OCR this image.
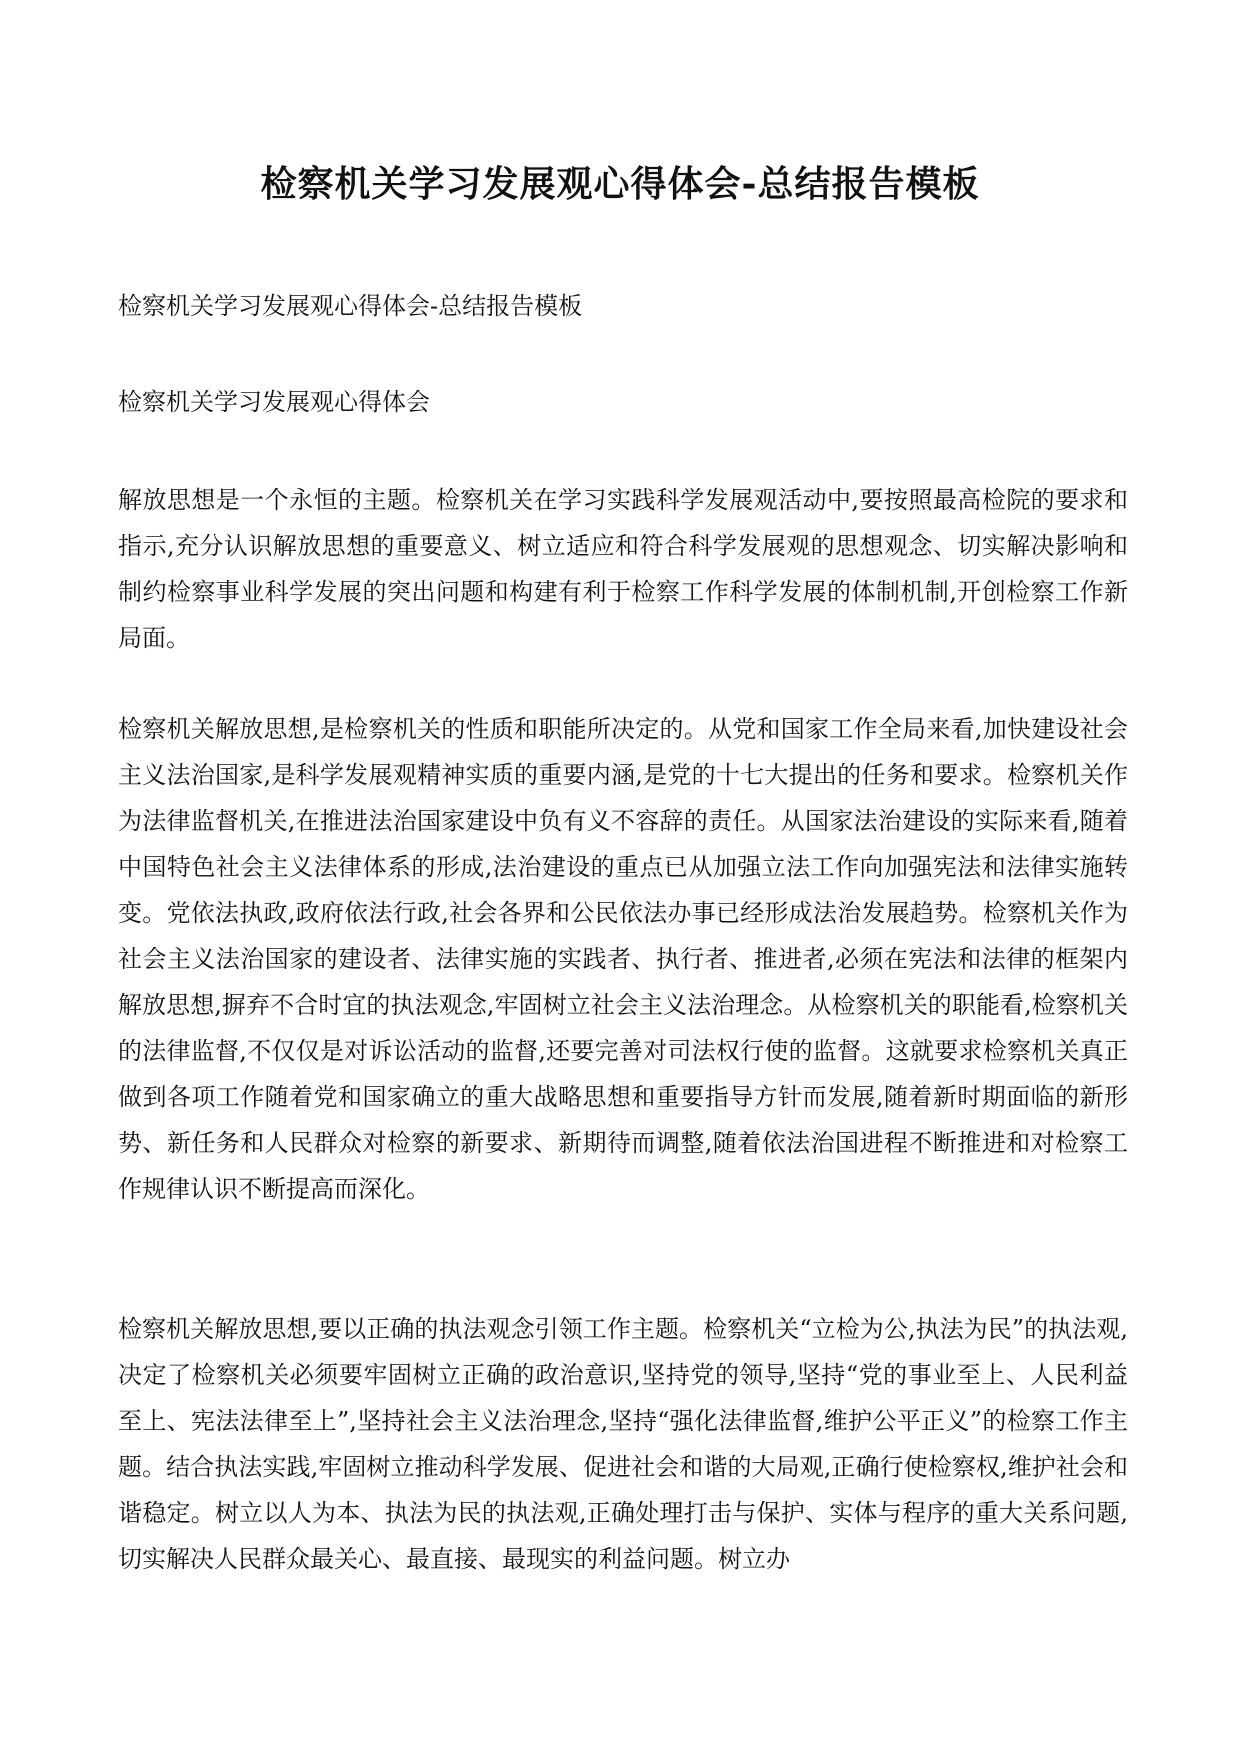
检察机关学习发展观心得体会-总结报告模板

检察机关学习发展观心得体会-总结报告模板

检察机关学习发展观心得体会

解放思想是一个永恒的主题。检察机关在学习实践科学发展观活动中,要按照最高检院的要求和指示,充分认识解放思想的重要意义、树立适应和符合科学发展观的思想观念、切实解决影响和制约检察事业科学发展的突出问题和构建有利于检察工作科学发展的体制机制,开创检察工作新局面。

检察机关解放思想,是检察机关的性质和职能所决定的。从党和国家工作全局来看,加快建设社会主义法治国家,是科学发展观精神实质的重要内涵,是党的十七大提出的任务和要求。检察机关作为法律监督机关,在推进法治国家建设中负有义不容辞的责任。从国家法治建设的实际来看,随着中国特色社会主义法律体系的形成,法治建设的重点已从加强立法工作向加强宪法和法律实施转变。党依法执政,政府依法行政,社会各界和公民依法办事已经形成法治发展趋势。检察机关作为社会主义法治国家的建设者、法律实施的实践者、执行者、推进者,必须在宪法和法律的框架内解放思想,摒弃不合时宜的执法观念,牢固树立社会主义法治理念。从检察机关的职能看,检察机关的法律监督,不仅仅是对诉讼活动的监督,还要完善对司法权行使的监督。这就要求检察机关真正做到各项工作随着党和国家确立的重大战略思想和重要指导方针而发展,随着新时期面临的新形势、新任务和人民群众对检察的新要求、新期待而调整,随着依法治国进程不断推进和对检察工作规律认识不断提高而深化。

检察机关解放思想,要以正确的执法观念引领工作主题。检察机关“立检为公,执法为民”的执法观,决定了检察机关必须要牢固树立正确的政治意识,坚持党的领导,坚持“党的事业至上、人民利益至上、宪法法律至上”,坚持社会主义法治理念,坚持“强化法律监督,维护公平正义”的检察工作主题。结合执法实践,牢固树立推动科学发展、促进社会和谐的大局观,正确行使检察权,维护社会和谐稳定。树立以人为本、执法为民的执法观,正确处理打击与保护、实体与程序的重大关系问题,切实解决人民群众最关心、最直接、最现实的利益问题。树立办
